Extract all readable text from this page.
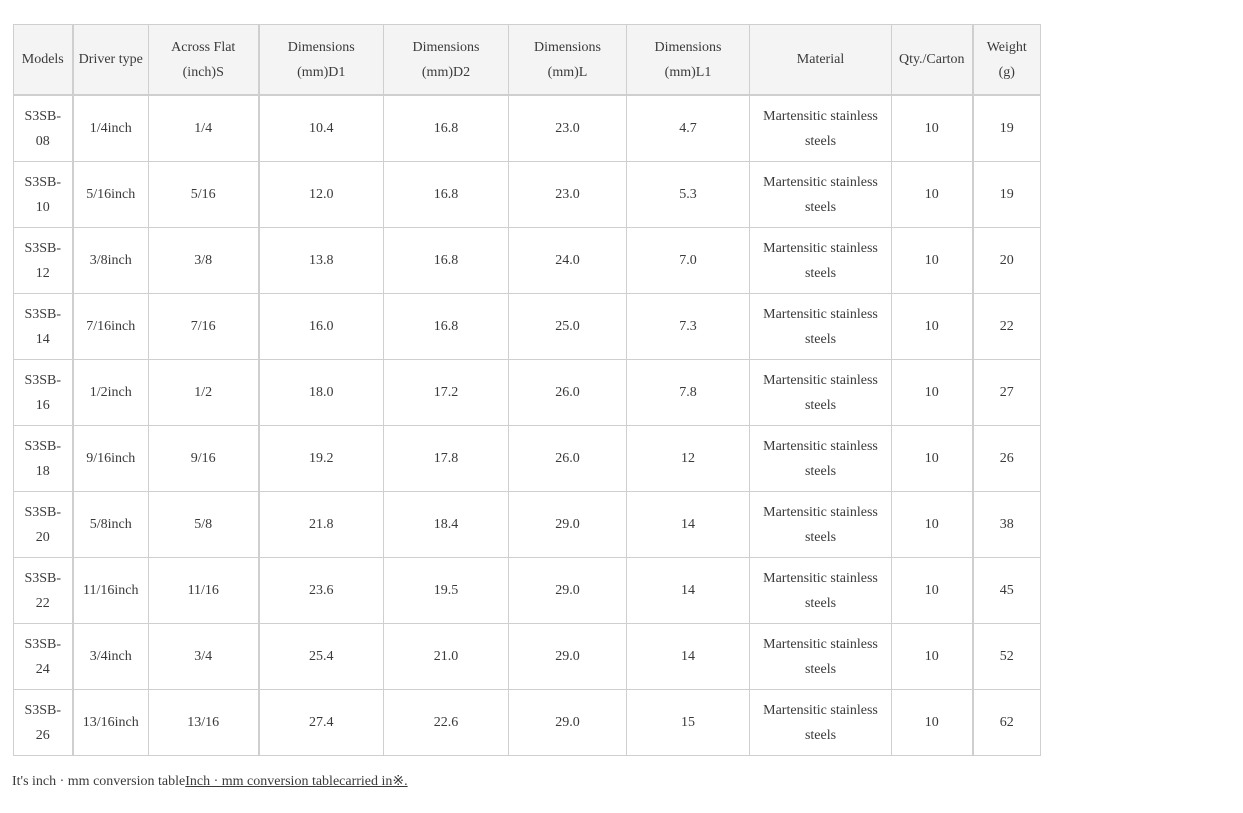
Models	Driver type	Across Flat (inch)S	Dimensions (mm)D1	Dimensions (mm)D2	Dimensions (mm)L	Dimensions (mm)L1	Material	Qty./Carton	Weight (g)
S3SB-08	1/4inch	1/4	10.4	16.8	23.0	4.7	Martensitic stainless steels	10	19
S3SB-10	5/16inch	5/16	12.0	16.8	23.0	5.3	Martensitic stainless steels	10	19
S3SB-12	3/8inch	3/8	13.8	16.8	24.0	7.0	Martensitic stainless steels	10	20
S3SB-14	7/16inch	7/16	16.0	16.8	25.0	7.3	Martensitic stainless steels	10	22
S3SB-16	1/2inch	1/2	18.0	17.2	26.0	7.8	Martensitic stainless steels	10	27
S3SB-18	9/16inch	9/16	19.2	17.8	26.0	12	Martensitic stainless steels	10	26
S3SB-20	5/8inch	5/8	21.8	18.4	29.0	14	Martensitic stainless steels	10	38
S3SB-22	11/16inch	11/16	23.6	19.5	29.0	14	Martensitic stainless steels	10	45
S3SB-24	3/4inch	3/4	25.4	21.0	29.0	14	Martensitic stainless steels	10	52
S3SB-26	13/16inch	13/16	27.4	22.6	29.0	15	Martensitic stainless steels	10	62
It's inch · mm conversion tableInch · mm conversion tablecarried in※.
